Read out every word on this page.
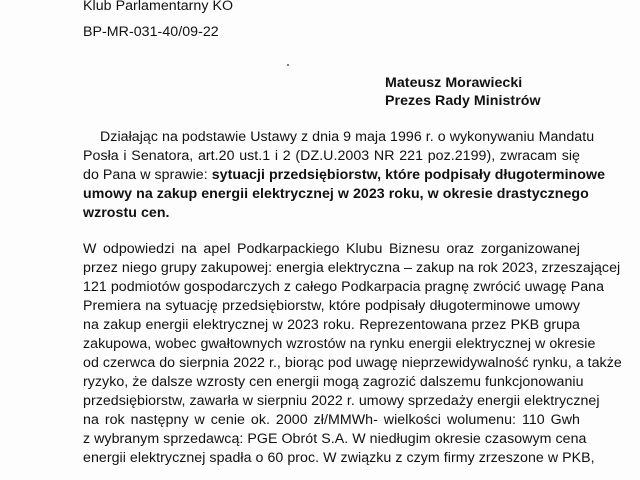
Klub Parlamentarny KO
BP-MR-031-40/09-22
Mateusz Morawiecki
Prezes Rady Ministrów
Działając na podstawie Ustawy z dnia 9 maja 1996 r. o wykonywaniu Mandatu
Posła i Senatora, art.20 ust.1 i 2 (DZ.U.2003 NR 221 poz.2199), zwracam się
do Pana w sprawie: sytuacji przedsiębiorstw, które podpisały długoterminowe
umowy na zakup energii elektrycznej w 2023 roku, w okresie drastycznego
wzrostu cen.
W odpowiedzi na apel Podkarpackiego Klubu Biznesu oraz zorganizowanej
przez niego grupy zakupowej: energia elektryczna – zakup na rok 2023, zrzeszającej
121 podmiotów gospodarczych z całego Podkarpacia pragnę zwrócić uwagę Pana
Premiera na sytuację przedsiębiorstw, które podpisały długoterminowe umowy
na zakup energii elektrycznej w 2023 roku. Reprezentowana przez PKB grupa
zakupowa, wobec gwałtownych wzrostów na rynku energii elektrycznej w okresie
od czerwca do sierpnia 2022 r., biorąc pod uwagę nieprzewidywalność rynku, a także
ryzyko, że dalsze wzrosty cen energii mogą zagrozić dalszemu funkcjonowaniu
przedsiębiorstw, zawarła w sierpniu 2022 r. umowy sprzedaży energii elektrycznej
na rok następny w cenie ok. 2000 zł/MMWh- wielkości wolumenu: 110 Gwh
z wybranym sprzedawcą: PGE Obrót S.A. W niedługim okresie czasowym cena
energii elektrycznej spadła o 60 proc. W związku z czym firmy zrzeszone w PKB,
